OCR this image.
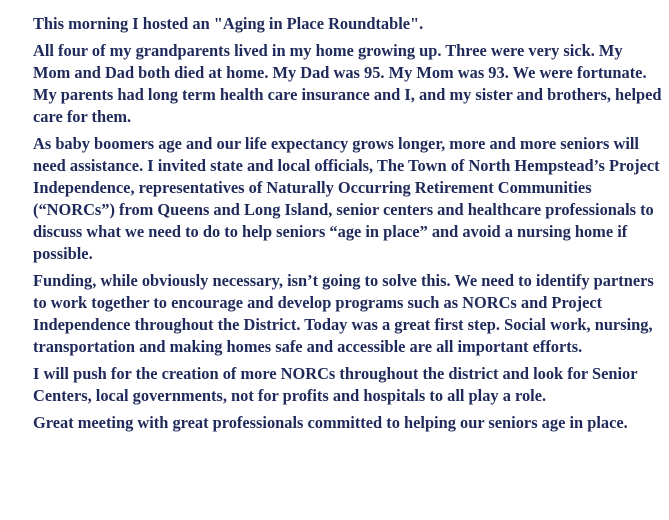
This morning I hosted an "Aging in Place Roundtable".

All four of my grandparents lived in my home growing up. Three were very sick. My Mom and Dad both died at home. My Dad was 95. My Mom was 93. We were fortunate. My parents had long term health care insurance and I, and my sister and brothers, helped care for them.

As baby boomers age and our life expectancy grows longer, more and more seniors will need assistance. I invited state and local officials, The Town of North Hempstead’s Project Independence, representatives of Naturally Occurring Retirement Communities (“NORCs”) from Queens and Long Island, senior centers and healthcare professionals to discuss what we need to do to help seniors “age in place” and avoid a nursing home if possible.

Funding, while obviously necessary, isn’t going to solve this. We need to identify partners to work together to encourage and develop programs such as NORCs and Project Independence throughout the District. Today was a great first step. Social work, nursing, transportation and making homes safe and accessible are all important efforts.

I will push for the creation of more NORCs throughout the district and look for Senior Centers, local governments, not for profits and hospitals to all play a role.

Great meeting with great professionals committed to helping our seniors age in place.
